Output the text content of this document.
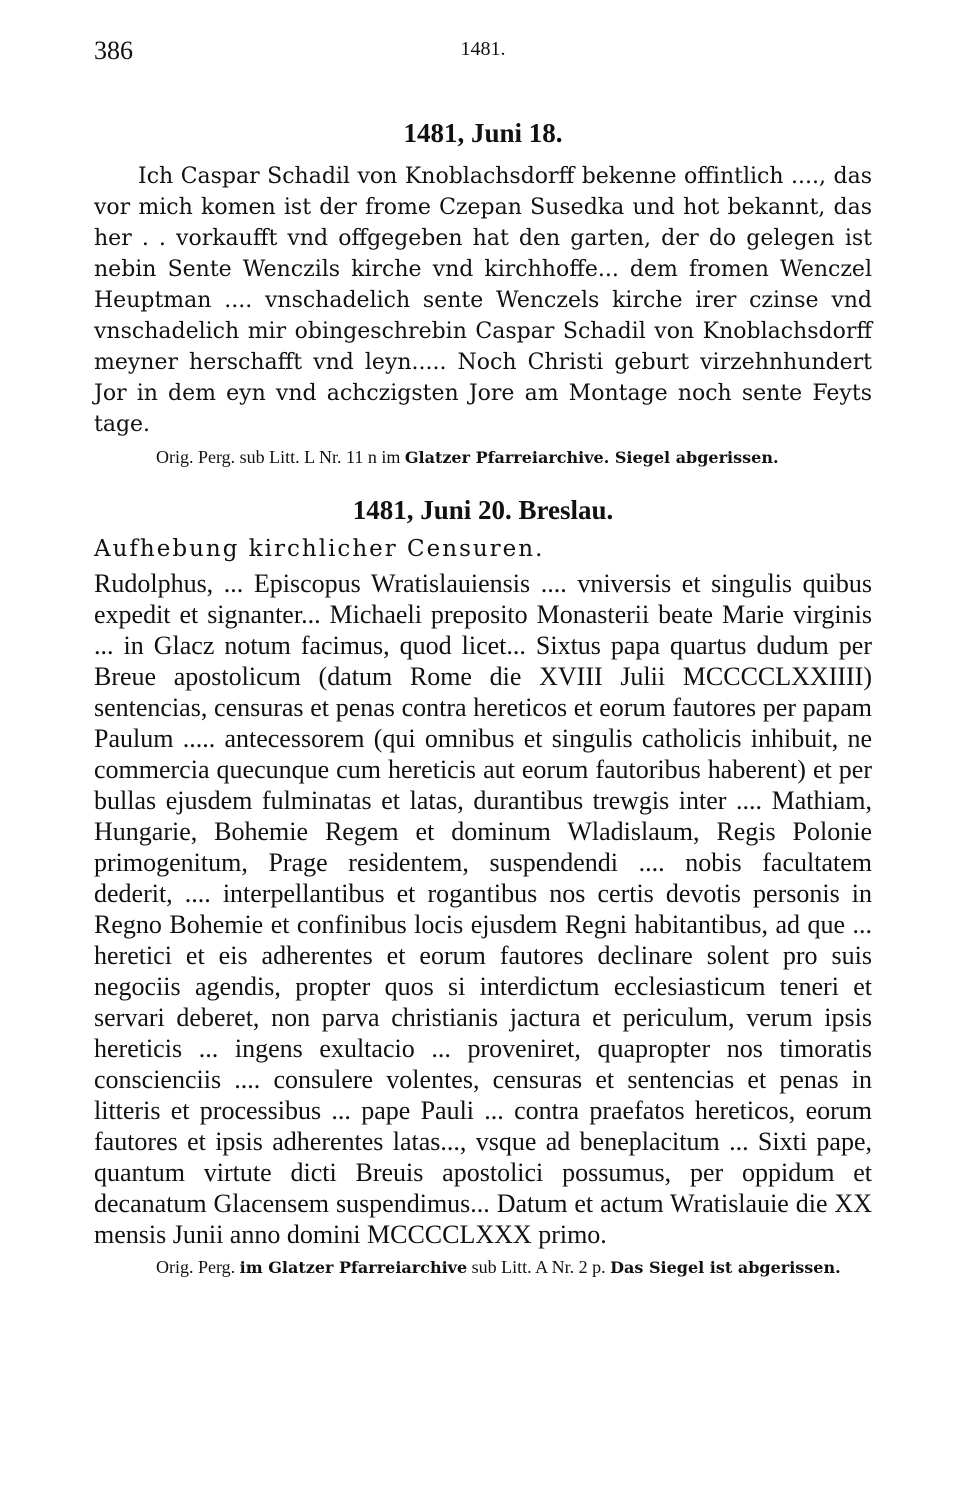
386	1481.
1481, Juni 18.

Ich Caspar Schadil von Knoblachsdorff bekenne offintlich ...., das vor mich komen ist der frome Czepan Susedka und hot bekannt, das her . . vorkaufft vnd offgegeben hat den garten, der do gelegen ist nebin Sente Wenczils kirche vnd kirchhoffe... dem fromen Wenczel Heuptman .... vnschadelich sente Wenczels kirche irer czinse vnd vnschadelich mir obingeschrebin Caspar Schadil von Knoblachsdorff meyner herschafft vnd leyn..... Noch Christi geburt virzehnhundert Jor in dem eyn vnd achczigsten Jore am Montage noch sente Feyts tage.

Orig. Perg. sub Litt. L Nr. 11 n im Glatzer Pfarreiarchive. Siegel abgerissen.

1481, Juni 20. Breslau.
Aufhebung kirchlicher Censuren.

Rudolphus, ... Episcopus Wratislauiensis .... vniversis et singulis quibus expedit et signanter... Michaeli preposito Monasterii beate Marie virginis ... in Glacz notum facimus, quod licet... Sixtus papa quartus dudum per Breue apostolicum (datum Rome die XVIII Julii MCCCCLXXIIII) sentencias, censuras et penas contra hereticos et eorum fautores per papam Paulum ..... antecessorem (qui omnibus et singulis catholicis inhibuit, ne commercia quecunque cum hereticis aut eorum fautoribus haberent) et per bullas ejusdem fulminatas et latas, durantibus trewgis inter .... Mathiam, Hungarie, Bohemie Regem et dominum Wladislaum, Regis Polonie primogenitum, Prage residentem, suspendendi .... nobis facultatem dederit, .... interpellantibus et rogantibus nos certis devotis personis in Regno Bohemie et confinibus locis ejusdem Regni habitantibus, ad que ... heretici et eis adherentes et eorum fautores declinare solent pro suis negociis agendis, propter quos si interdictum ecclesiasticum teneri et servari deberet, non parva christianis jactura et periculum, verum ipsis hereticis ... ingens exultacio ... proveniret, quapropter nos timoratis conscienciis .... consulere volentes, censuras et sentencias et penas in litteris et processibus ... pape Pauli ... contra praefatos hereticos, eorum fautores et ipsis adherentes latas..., vsque ad beneplacitum ... Sixti pape, quantum virtute dicti Breuis apostolici possumus, per oppidum et decanatum Glacensem suspendimus... Datum et actum Wratislauie die XX mensis Junii anno domini MCCCCLXXX primo.

Orig. Perg. im Glatzer Pfarreiarchive sub Litt. A Nr. 2 p. Das Siegel ist abgerissen.
